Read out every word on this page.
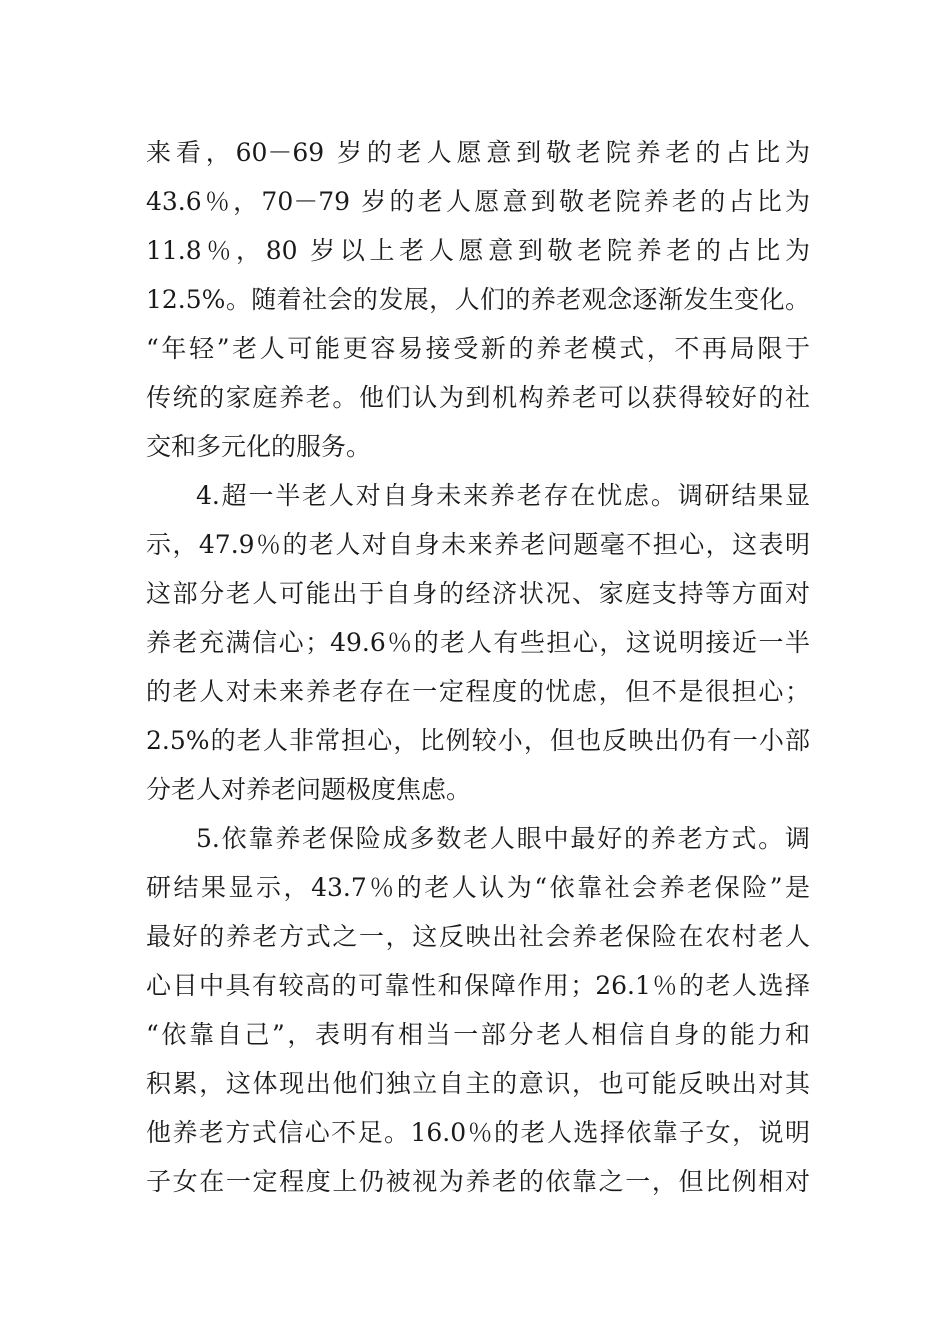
来看，60－69 岁的老人愿意到敬老院养老的占比为
43.6％，70－79 岁的老人愿意到敬老院养老的占比为
11.8％，80 岁以上老人愿意到敬老院养老的占比为
12.5%。随着社会的发展，人们的养老观念逐渐发生变化。
“年轻”老人可能更容易接受新的养老模式，不再局限于
传统的家庭养老。他们认为到机构养老可以获得较好的社
交和多元化的服务。
4.超一半老人对自身未来养老存在忧虑。调研结果显
示，47.9％的老人对自身未来养老问题毫不担心，这表明
这部分老人可能出于自身的经济状况、家庭支持等方面对
养老充满信心；49.6％的老人有些担心，这说明接近一半
的老人对未来养老存在一定程度的忧虑，但不是很担心；
2.5%的老人非常担心，比例较小，但也反映出仍有一小部
分老人对养老问题极度焦虑。
5.依靠养老保险成多数老人眼中最好的养老方式。调
研结果显示，43.7％的老人认为“依靠社会养老保险”是
最好的养老方式之一，这反映出社会养老保险在农村老人
心目中具有较高的可靠性和保障作用；26.1％的老人选择
“依靠自己”，表明有相当一部分老人相信自身的能力和
积累，这体现出他们独立自主的意识，也可能反映出对其
他养老方式信心不足。16.0％的老人选择依靠子女，说明
子女在一定程度上仍被视为养老的依靠之一，但比例相对
